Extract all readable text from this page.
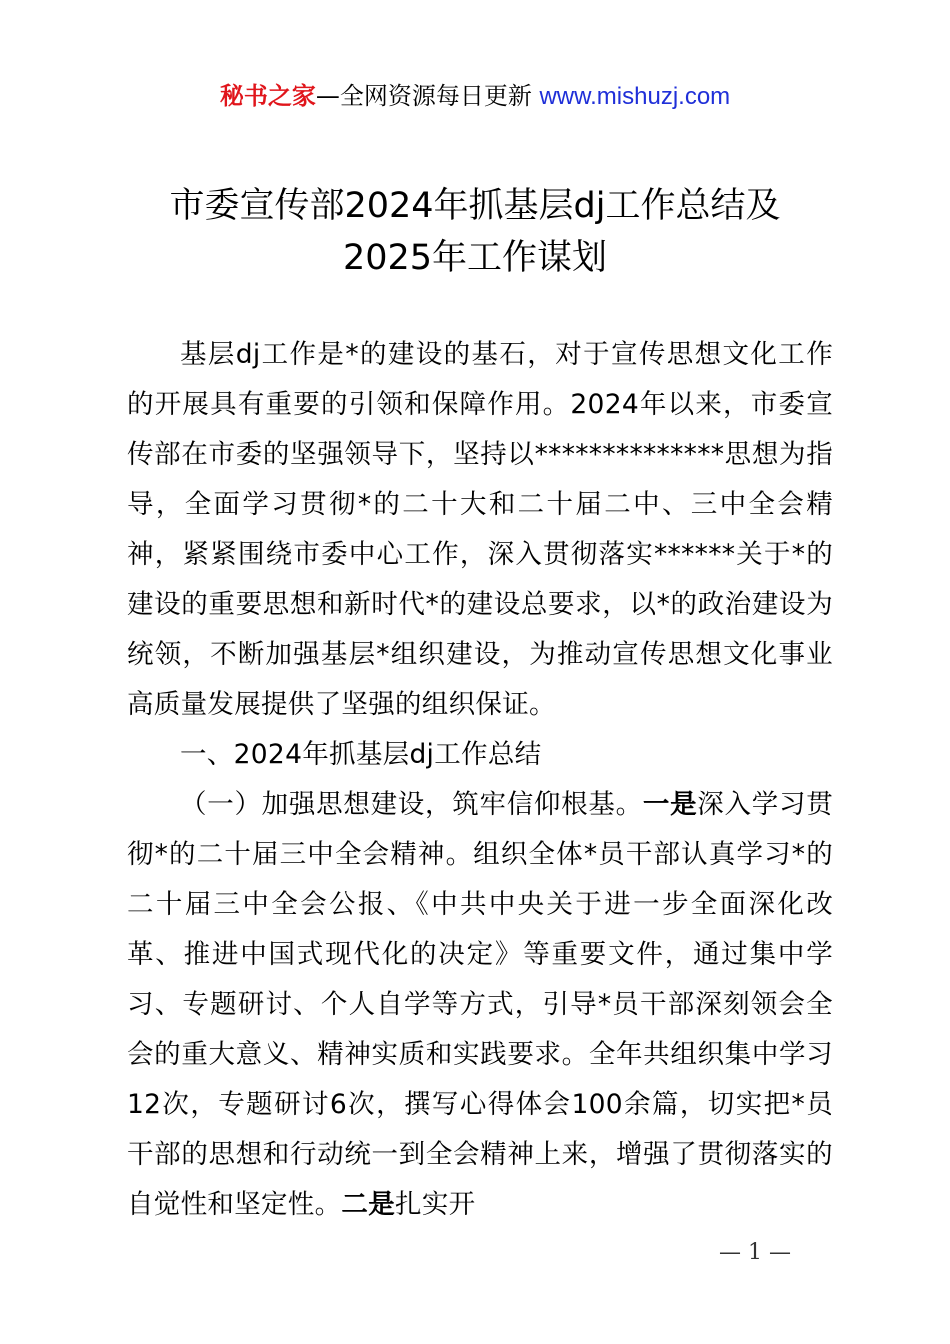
秘书之家—全网资源每日更新 www.mishuzj.com
市委宣传部2024年抓基层dj工作总结及
2025年工作谋划
基层dj工作是*的建设的基石，对于宣传思想文化工作的开展具有重要的引领和保障作用。2024年以来，市委宣传部在市委的坚强领导下，坚持以**************思想为指导，全面学习贯彻*的二十大和二十届二中、三中全会精神，紧紧围绕市委中心工作，深入贯彻落实******关于*的建设的重要思想和新时代*的建设总要求，以*的政治建设为统领，不断加强基层*组织建设，为推动宣传思想文化事业高质量发展提供了坚强的组织保证。
一、2024年抓基层dj工作总结
（一）加强思想建设，筑牢信仰根基。一是深入学习贯彻*的二十届三中全会精神。组织全体*员干部认真学习*的二十届三中全会公报、《中共中央关于进一步全面深化改革、推进中国式现代化的决定》等重要文件，通过集中学习、专题研讨、个人自学等方式，引导*员干部深刻领会全会的重大意义、精神实质和实践要求。全年共组织集中学习12次，专题研讨6次，撰写心得体会100余篇，切实把*员干部的思想和行动统一到全会精神上来，增强了贯彻落实的自觉性和坚定性。二是扎实开
— 1 —
